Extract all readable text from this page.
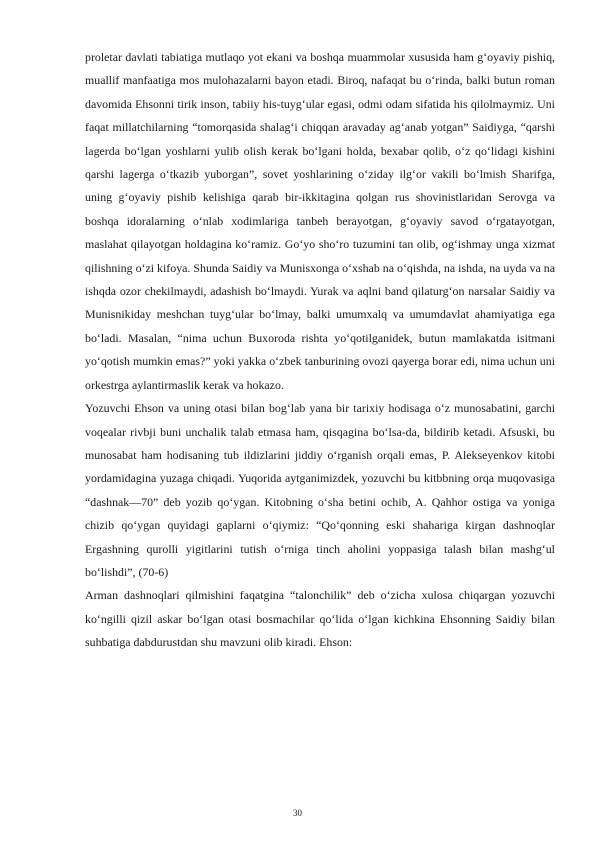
proletar davlati tabiatiga mutlaqo yot ekani va boshqa muammolar xususida ham g‘oyaviy pishiq, muallif manfaatiga mos mulohazalarni bayon etadi. Biroq, nafaqat bu o‘rinda, balki butun roman davomida Ehsonni tirik inson, tabiiy his-tuyg‘ular egasi, odmi odam sifatida his qilolmaymiz. Uni faqat millatchilarning “tomorqasida shalag‘i chiqqan aravaday ag‘anab yotgan” Saidiyga, “qarshi lagerda bo‘lgan yoshlarni yulib olish kerak bo‘lgani holda, bexabar qolib, o‘z qo‘lidagi kishini qarshi lagerga o‘tkazib yuborgan”, sovet yoshlarining o‘ziday ilg‘or vakili bo‘lmish Sharifga, uning g‘oyaviy pishib kelishiga qarab bir-ikkitagina qolgan rus shovinistlaridan Serovga va boshqa idoralarning o‘nlab xodimlariga tanbeh berayotgan, g‘oyaviy savod o‘rgatayotgan, maslahat qilayotgan holdagina ko‘ramiz. Go‘yo sho‘ro tuzumini tan olib, og‘ishmay unga xizmat qilishning o‘zi kifoya. Shunda Saidiy va Munisxonga o‘xshab na o‘qishda, na ishda, na uyda va na ishqda ozor chekilmaydi, adashish bo‘lmaydi. Yurak va aqlni band qilaturg‘on narsalar Saidiy va Munisnikiday meshchan tuyg‘ular bo‘lmay, balki umumxalq va umumdavlat ahamiyatiga ega bo‘ladi. Masalan, “nima uchun Buxoroda rishta yo‘qotilganidek, butun mamlakatda isitmani yo‘qotish mumkin emas?” yoki yakka o‘zbek tanburining ovozi qayerga borar edi, nima uchun uni orkestrga aylantirmaslik kerak va hokazo.

Yozuvchi Ehson va uning otasi bilan bog‘lab yana bir tarixiy hodisaga o‘z munosabatini, garchi voqealar rivbji buni unchalik talab etmasa ham, qisqagina bo‘lsa-da, bildirib ketadi. Afsuski, bu munosabat ham hodisaning tub ildizlarini jiddiy o‘rganish orqali emas, P. Alekseyenkov kitobi yordamidagina yuzaga chiqadi. Yuqorida aytganimizdek, yozuvchi bu kitbbning orqa muqovasiga “dashnak—70” deb yozib qo‘ygan. Kitobning o‘sha betini ochib, A. Qahhor ostiga va yoniga chizib qo‘ygan quyidagi gaplarni o‘qiymiz: “Qo‘qonning eski shahariga kirgan dashnoqlar Ergashning qurolli yigitlarini tutish o‘rniga tinch aholini yoppasiga talash bilan mashg‘ul bo‘lishdi”, (70-6)

Arman dashnoqlari qilmishini faqatgina “talonchilik” deb o‘zicha xulosa chiqargan yozuvchi ko‘ngilli qizil askar bo‘lgan otasi bosmachilar qo‘lida o‘lgan kichkina Ehsonning Saidiy bilan suhbatiga dabdurustdan shu mavzuni olib kiradi. Ehson:

30
